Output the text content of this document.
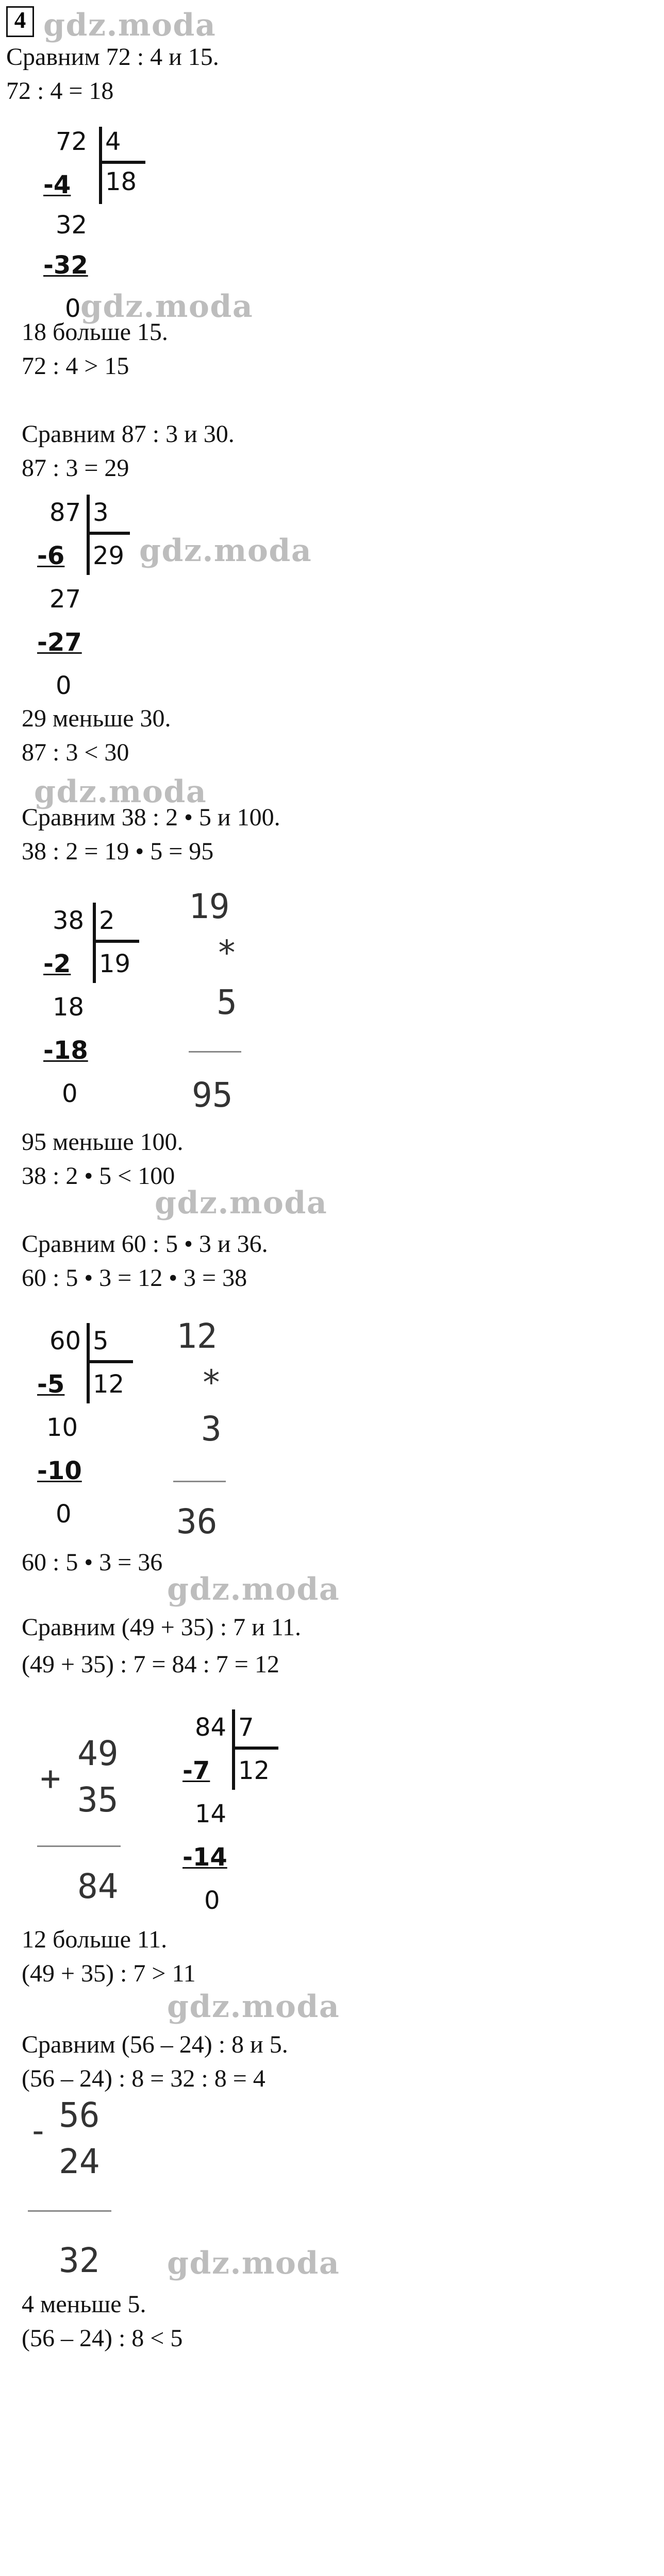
4	gdz.moda
Сравним 72 : 4 и 15.
72 : 4 = 18
72 4
18
-4
32
-32
0 gdz.moda
18 больше 15.
72 : 4 > 15
Сравним 87 : 3 и 30.
87 : 3 = 29
87 3
29
-6
27
-27
0
gdz.moda
29 меньше 30.
87 : 3 < 30
gdz.moda
Сравним 38 : 2 • 5 и 100.
38 : 2 = 19 • 5 = 95
38 2
19
-2
18
-18
0
19
*
5
95
95 меньше 100.
38 : 2 • 5 < 100
gdz.moda
Сравним 60 : 5 • 3 и 36.
60 : 5 • 3 = 12 • 3 = 38
60 5
12
-5
10
-10
0
12
*
3
36
60 : 5 • 3 = 36
gdz.moda
Сравним (49 + 35) : 7 и 11.
(49 + 35) : 7 = 84 : 7 = 12
+
49
35
84
84 7
12
-7
14
-14
0
12 больше 11.
(49 + 35) : 7 > 11
gdz.moda
Сравним (56 – 24) : 8 и 5.
(56 – 24) : 8 = 32 : 8 = 4
- 56
24
32	gdz.moda
4 меньше 5.
(56 – 24) : 8 < 5
